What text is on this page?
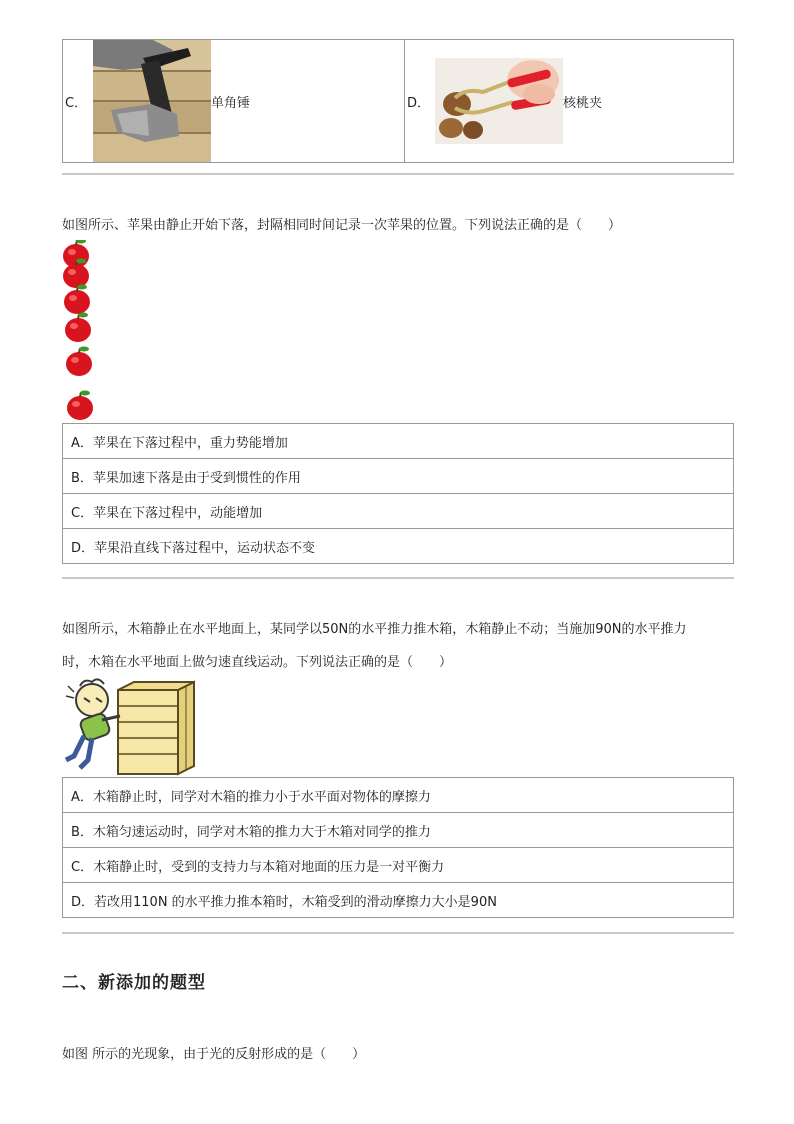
C．	单角锤	D．	核桃夹
如图所示、苹果由静止开始下落，封隔相同时间记录一次苹果的位置。下列说法正确的是（　　）
A．苹果在下落过程中，重力势能增加
B．苹果加速下落是由于受到惯性的作用
C．苹果在下落过程中，动能增加
D．苹果沿直线下落过程中，运动状态不变
如图所示，木箱静止在水平地面上，某同学以50N的水平推力推木箱，木箱静止不动；当施加90N的水平推力
时，木箱在水平地面上做匀速直线运动。下列说法正确的是（　　）
A．木箱静止时，同学对木箱的推力小于水平面对物体的摩擦力
B．木箱匀速运动时，同学对木箱的推力大于木箱对同学的推力
C．木箱静止时，受到的支持力与本箱对地面的压力是一对平衡力
D．若改用110N 的水平推力推本箱时，木箱受到的滑动摩擦力大小是90N
二、新添加的题型
如图 所示的光现象，由于光的反射形成的是（　　）
